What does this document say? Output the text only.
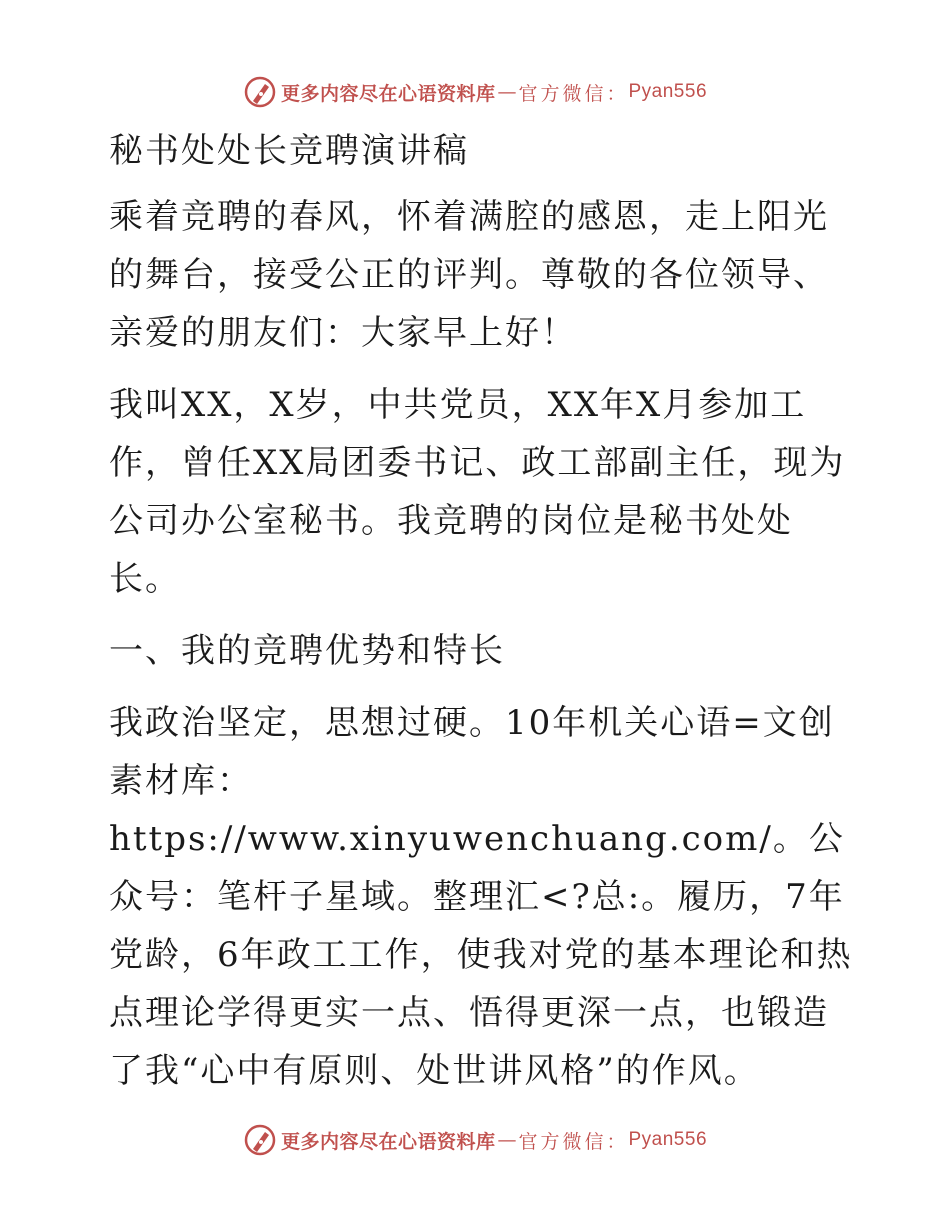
更多内容尽在心语资料库 — 官方微信： Pyan556

秘书处处长竞聘演讲稿

乘着竞聘的春风，怀着满腔的感恩，走上阳光的舞台，接受公正的评判。尊敬的各位领导、亲爱的朋友们：大家早上好！

我叫XX，X岁，中共党员，XX年X月参加工作，曾任XX局团委书记、政工部副主任，现为公司办公室秘书。我竞聘的岗位是秘书处处长。

一、我的竞聘优势和特长

我政治坚定，思想过硬。10年机关心语=文创素材库：https://www.xinyuwenchuang.com/。公众号：笔杆子星域。整理汇<?总:。履历，7年党龄，6年政工工作，使我对党的基本理论和热点理论学得更实一点、悟得更深一点，也锻造了我“心中有原则、处世讲风格”的作风。

更多内容尽在心语资料库 — 官方微信： Pyan556
